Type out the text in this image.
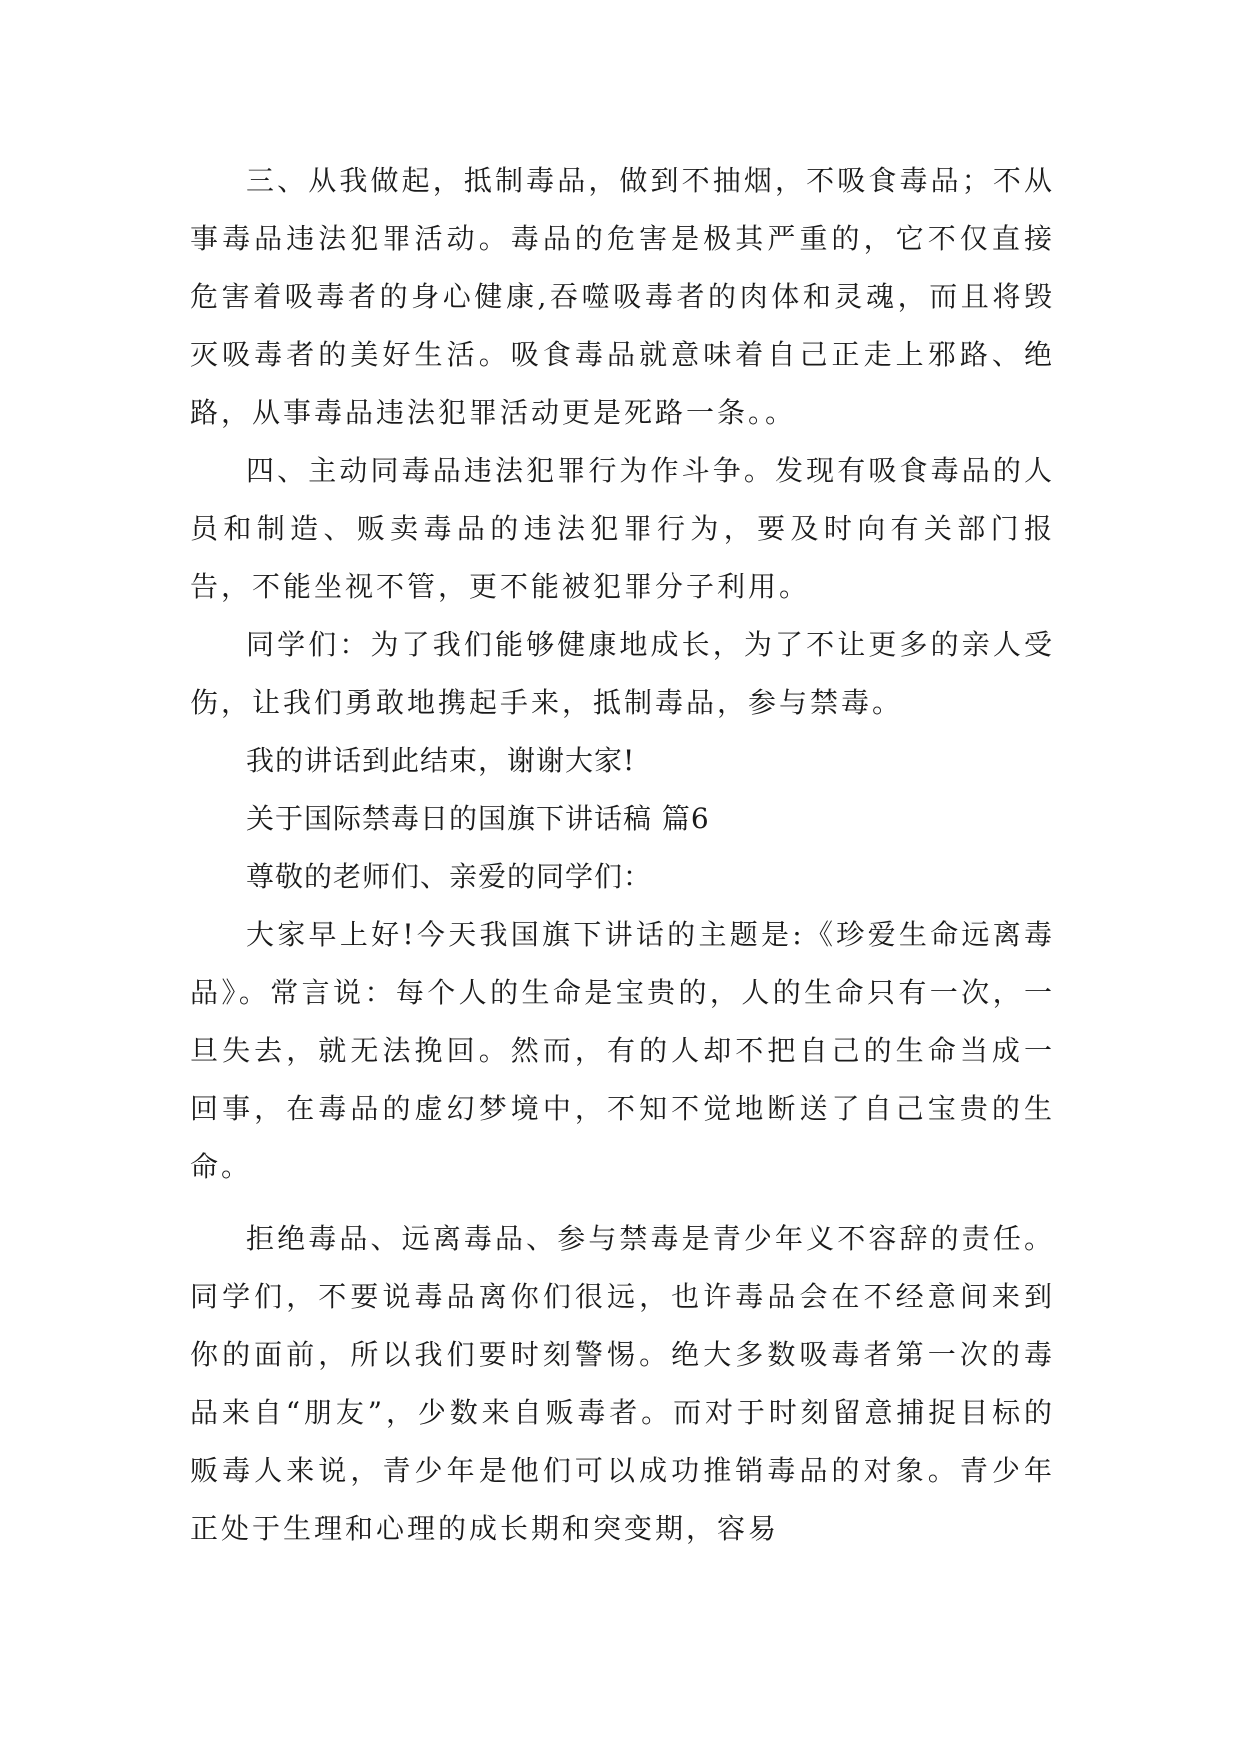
三、从我做起，抵制毒品，做到不抽烟，不吸食毒品；不从事毒品违法犯罪活动。毒品的危害是极其严重的，它不仅直接危害着吸毒者的身心健康,吞噬吸毒者的肉体和灵魂，而且将毁灭吸毒者的美好生活。吸食毒品就意味着自己正走上邪路、绝路，从事毒品违法犯罪活动更是死路一条。。

四、主动同毒品违法犯罪行为作斗争。发现有吸食毒品的人员和制造、贩卖毒品的违法犯罪行为，要及时向有关部门报告，不能坐视不管，更不能被犯罪分子利用。

同学们：为了我们能够健康地成长，为了不让更多的亲人受伤，让我们勇敢地携起手来，抵制毒品，参与禁毒。

我的讲话到此结束，谢谢大家!

关于国际禁毒日的国旗下讲话稿 篇6

尊敬的老师们、亲爱的同学们：

大家早上好!今天我国旗下讲话的主题是:《珍爱生命远离毒品》。常言说：每个人的生命是宝贵的，人的生命只有一次，一旦失去，就无法挽回。然而，有的人却不把自己的生命当成一回事，在毒品的虚幻梦境中，不知不觉地断送了自己宝贵的生命。

拒绝毒品、远离毒品、参与禁毒是青少年义不容辞的责任。同学们，不要说毒品离你们很远，也许毒品会在不经意间来到你的面前，所以我们要时刻警惕。绝大多数吸毒者第一次的毒品来自“朋友”，少数来自贩毒者。而对于时刻留意捕捉目标的贩毒人来说，青少年是他们可以成功推销毒品的对象。青少年正处于生理和心理的成长期和突变期，容易
